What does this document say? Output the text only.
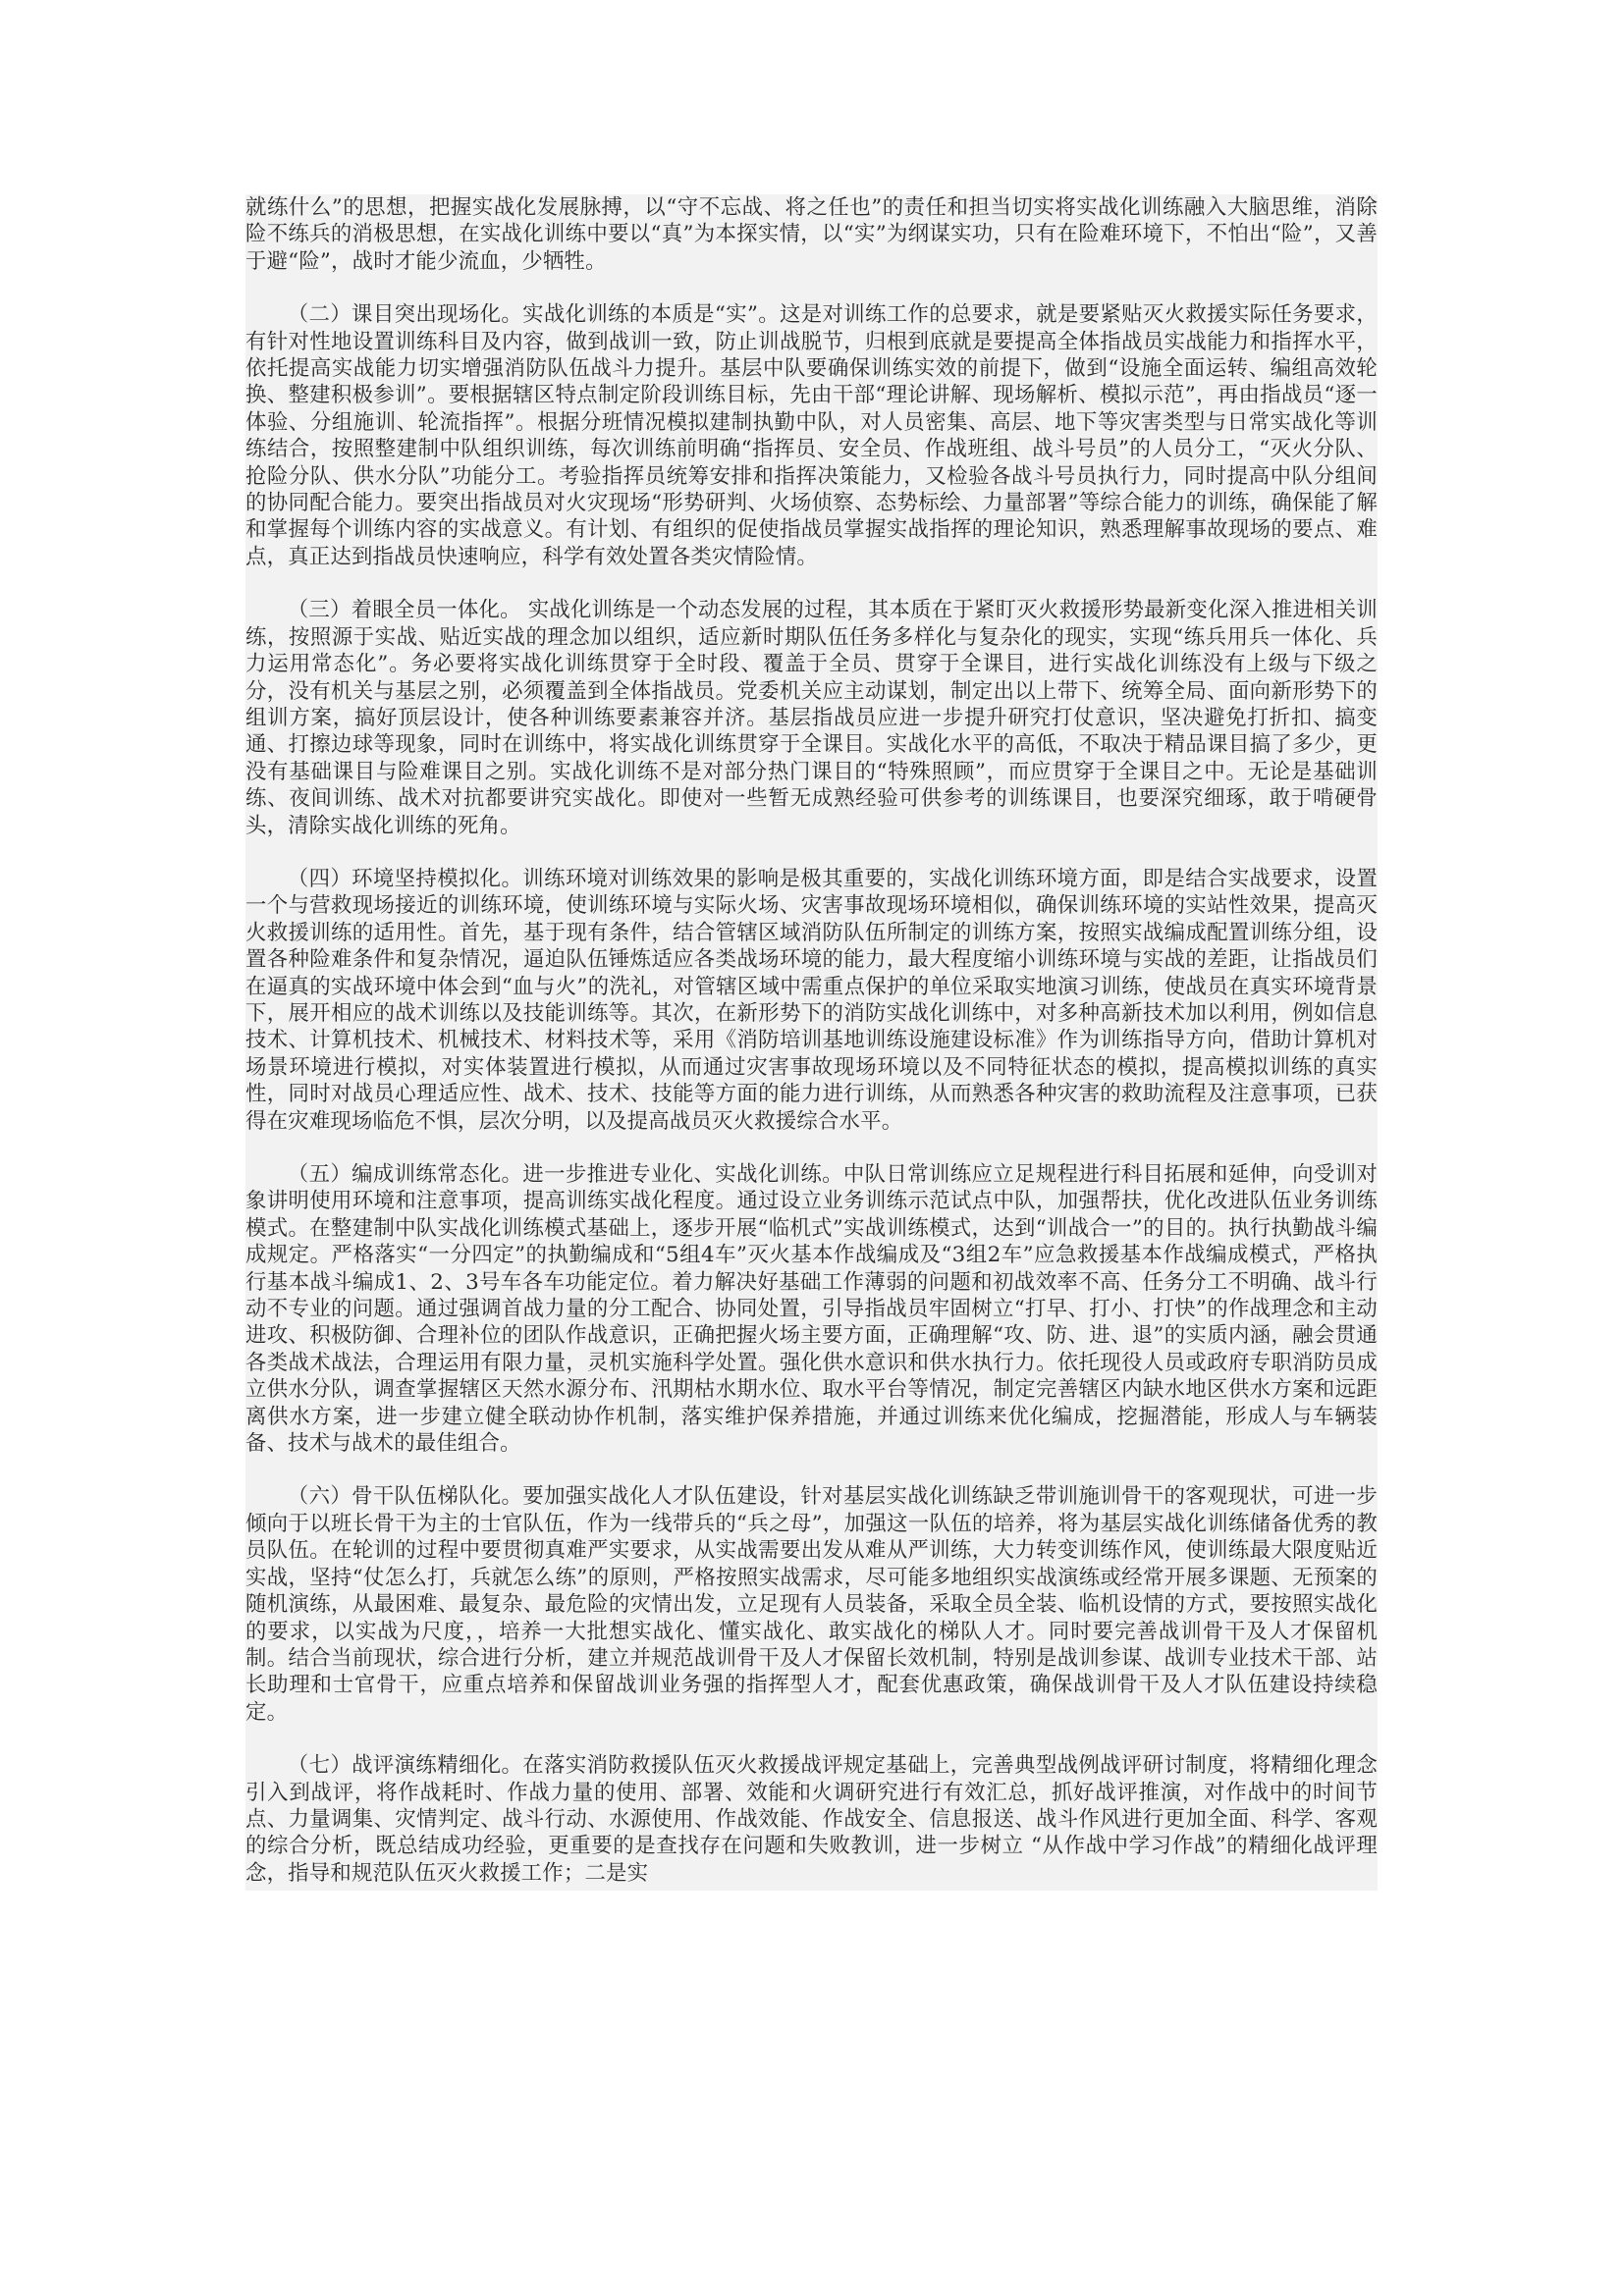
就练什么”的思想，把握实战化发展脉搏，以“守不忘战、将之任也”的责任和担当切实将实战化训练融入大脑思维，消除险不练兵的消极思想，在实战化训练中要以“真”为本探实情，以“实”为纲谋实功，只有在险难环境下，不怕出“险”，又善于避“险”，战时才能少流血，少牺牲。

（二）课目突出现场化。实战化训练的本质是“实”。这是对训练工作的总要求，就是要紧贴灭火救援实际任务要求，有针对性地设置训练科目及内容，做到战训一致，防止训战脱节，归根到底就是要提高全体指战员实战能力和指挥水平，依托提高实战能力切实增强消防队伍战斗力提升。基层中队要确保训练实效的前提下，做到“设施全面运转、编组高效轮换、整建积极参训”。要根据辖区特点制定阶段训练目标，先由干部“理论讲解、现场解析、模拟示范”，再由指战员“逐一体验、分组施训、轮流指挥”。根据分班情况模拟建制执勤中队，对人员密集、高层、地下等灾害类型与日常实战化等训练结合，按照整建制中队组织训练，每次训练前明确“指挥员、安全员、作战班组、战斗号员”的人员分工，“灭火分队、抢险分队、供水分队”功能分工。考验指挥员统筹安排和指挥决策能力，又检验各战斗号员执行力，同时提高中队分组间的协同配合能力。要突出指战员对火灾现场“形势研判、火场侦察、态势标绘、力量部署”等综合能力的训练，确保能了解和掌握每个训练内容的实战意义。有计划、有组织的促使指战员掌握实战指挥的理论知识，熟悉理解事故现场的要点、难点，真正达到指战员快速响应，科学有效处置各类灾情险情。

（三）着眼全员一体化。 实战化训练是一个动态发展的过程，其本质在于紧盯灭火救援形势最新变化深入推进相关训练，按照源于实战、贴近实战的理念加以组织，适应新时期队伍任务多样化与复杂化的现实，实现“练兵用兵一体化、兵力运用常态化”。务必要将实战化训练贯穿于全时段、覆盖于全员、贯穿于全课目，进行实战化训练没有上级与下级之分，没有机关与基层之别，必须覆盖到全体指战员。党委机关应主动谋划，制定出以上带下、统筹全局、面向新形势下的组训方案，搞好顶层设计，使各种训练要素兼容并济。基层指战员应进一步提升研究打仗意识，坚决避免打折扣、搞变通、打擦边球等现象，同时在训练中，将实战化训练贯穿于全课目。实战化水平的高低，不取决于精品课目搞了多少，更没有基础课目与险难课目之别。实战化训练不是对部分热门课目的“特殊照顾”，而应贯穿于全课目之中。无论是基础训练、夜间训练、战术对抗都要讲究实战化。即使对一些暂无成熟经验可供参考的训练课目，也要深究细琢，敢于啃硬骨头，清除实战化训练的死角。

（四）环境坚持模拟化。训练环境对训练效果的影响是极其重要的，实战化训练环境方面，即是结合实战要求，设置一个与营救现场接近的训练环境，使训练环境与实际火场、灾害事故现场环境相似，确保训练环境的实站性效果，提高灭火救援训练的适用性。首先，基于现有条件，结合管辖区域消防队伍所制定的训练方案，按照实战编成配置训练分组，设置各种险难条件和复杂情况，逼迫队伍锤炼适应各类战场环境的能力，最大程度缩小训练环境与实战的差距，让指战员们在逼真的实战环境中体会到“血与火”的洗礼，对管辖区域中需重点保护的单位采取实地演习训练，使战员在真实环境背景下，展开相应的战术训练以及技能训练等。其次，在新形势下的消防实战化训练中，对多种高新技术加以利用，例如信息技术、计算机技术、机械技术、材料技术等，采用《消防培训基地训练设施建设标准》作为训练指导方向，借助计算机对场景环境进行模拟，对实体装置进行模拟，从而通过灾害事故现场环境以及不同特征状态的模拟，提高模拟训练的真实性，同时对战员心理适应性、战术、技术、技能等方面的能力进行训练，从而熟悉各种灾害的救助流程及注意事项，已获得在灾难现场临危不惧，层次分明，以及提高战员灭火救援综合水平。

（五）编成训练常态化。进一步推进专业化、实战化训练。中队日常训练应立足规程进行科目拓展和延伸，向受训对象讲明使用环境和注意事项，提高训练实战化程度。通过设立业务训练示范试点中队，加强帮扶，优化改进队伍业务训练模式。在整建制中队实战化训练模式基础上，逐步开展“临机式”实战训练模式，达到“训战合一”的目的。执行执勤战斗编成规定。严格落实“一分四定”的执勤编成和“5组4车”灭火基本作战编成及“3组2车”应急救援基本作战编成模式，严格执行基本战斗编成1、2、3号车各车功能定位。着力解决好基础工作薄弱的问题和初战效率不高、任务分工不明确、战斗行动不专业的问题。通过强调首战力量的分工配合、协同处置，引导指战员牢固树立“打早、打小、打快”的作战理念和主动进攻、积极防御、合理补位的团队作战意识，正确把握火场主要方面，正确理解“攻、防、进、退”的实质内涵，融会贯通各类战术战法，合理运用有限力量，灵机实施科学处置。强化供水意识和供水执行力。依托现役人员或政府专职消防员成立供水分队，调查掌握辖区天然水源分布、汛期枯水期水位、取水平台等情况，制定完善辖区内缺水地区供水方案和远距离供水方案，进一步建立健全联动协作机制，落实维护保养措施，并通过训练来优化编成，挖掘潜能，形成人与车辆装备、技术与战术的最佳组合。

（六）骨干队伍梯队化。要加强实战化人才队伍建设，针对基层实战化训练缺乏带训施训骨干的客观现状，可进一步倾向于以班长骨干为主的士官队伍，作为一线带兵的“兵之母”，加强这一队伍的培养，将为基层实战化训练储备优秀的教员队伍。在轮训的过程中要贯彻真难严实要求，从实战需要出发从难从严训练，大力转变训练作风，使训练最大限度贴近实战，坚持“仗怎么打，兵就怎么练”的原则，严格按照实战需求，尽可能多地组织实战演练或经常开展多课题、无预案的随机演练，从最困难、最复杂、最危险的灾情出发，立足现有人员装备，采取全员全装、临机设情的方式，要按照实战化的要求，以实战为尺度，，培养一大批想实战化、懂实战化、敢实战化的梯队人才。同时要完善战训骨干及人才保留机制。结合当前现状，综合进行分析，建立并规范战训骨干及人才保留长效机制，特别是战训参谋、战训专业技术干部、站长助理和士官骨干，应重点培养和保留战训业务强的指挥型人才，配套优惠政策，确保战训骨干及人才队伍建设持续稳定。

（七）战评演练精细化。在落实消防救援队伍灭火救援战评规定基础上，完善典型战例战评研讨制度，将精细化理念引入到战评，将作战耗时、作战力量的使用、部署、效能和火调研究进行有效汇总，抓好战评推演，对作战中的时间节点、力量调集、灾情判定、战斗行动、水源使用、作战效能、作战安全、信息报送、战斗作风进行更加全面、科学、客观的综合分析，既总结成功经验，更重要的是查找存在问题和失败教训，进一步树立 “从作战中学习作战”的精细化战评理念，指导和规范队伍灭火救援工作；二是实
